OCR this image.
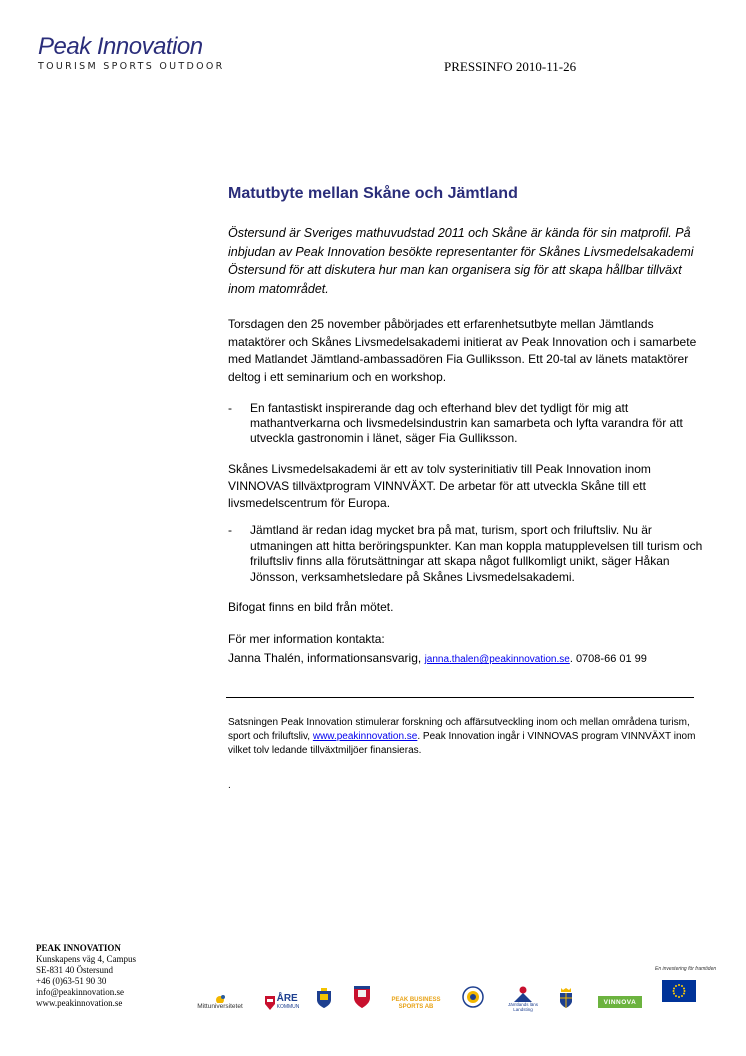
Peak Innovation
TOURISM SPORTS OUTDOOR	PRESSINFO 2010-11-26
Matutbyte mellan Skåne och Jämtland
Östersund är Sveriges mathuvudstad 2011 och Skåne är kända för sin matprofil. På inbjudan av Peak Innovation besökte representanter för Skånes Livsmedelsakademi Östersund för att diskutera hur man kan organisera sig för att skapa hållbar tillväxt inom matområdet.
Torsdagen den 25 november påbörjades ett erfarenhetsutbyte mellan Jämtlands mataktörer och Skånes Livsmedelsakademi initierat av Peak Innovation och i samarbete med Matlandet Jämtland-ambassadören Fia Gulliksson. Ett 20-tal av länets mataktörer deltog i ett seminarium och en workshop.
- En fantastiskt inspirerande dag och efterhand blev det tydligt för mig att mathantverkarna och livsmedelsindustrin kan samarbeta och lyfta varandra för att utveckla gastronomin i länet, säger Fia Gulliksson.
Skånes Livsmedelsakademi är ett av tolv systerinitiativ till Peak Innovation inom VINNOVAS tillväxtprogram VINNVÄXT. De arbetar för att utveckla Skåne till ett livsmedelscentrum för Europa.
- Jämtland är redan idag mycket bra på mat, turism, sport och friluftsliv. Nu är utmaningen att hitta beröringspunkter. Kan man koppla matupplevelsen till turism och friluftsliv finns alla förutsättningar att skapa något fullkomligt unikt, säger Håkan Jönsson, verksamhetsledare på Skånes Livsmedelsakademi.
Bifogat finns en bild från mötet.
För mer information kontakta:
Janna Thalén, informationsansvarig, janna.thalen@peakinnovation.se. 0708-66 01 99
Satsningen Peak Innovation stimulerar forskning och affärsutveckling inom och mellan områdena turism, sport och friluftsliv, www.peakinnovation.se. Peak Innovation ingår i VINNOVAS program VINNVÄXT inom vilket tolv ledande tillväxtmiljöer finansieras.
.
PEAK INNOVATION
Kunskapens väg 4, Campus
SE-831 40 Östersund
+46 (0)63-51 90 30
info@peakinnovation.se
www.peakinnovation.se
En investering för framtiden
Mittuniversitetet
ÅRE
KOMMUN
PEAK BUSINESS
SPORTS AB	Jämtlands läns Landsting
VINNOVA
